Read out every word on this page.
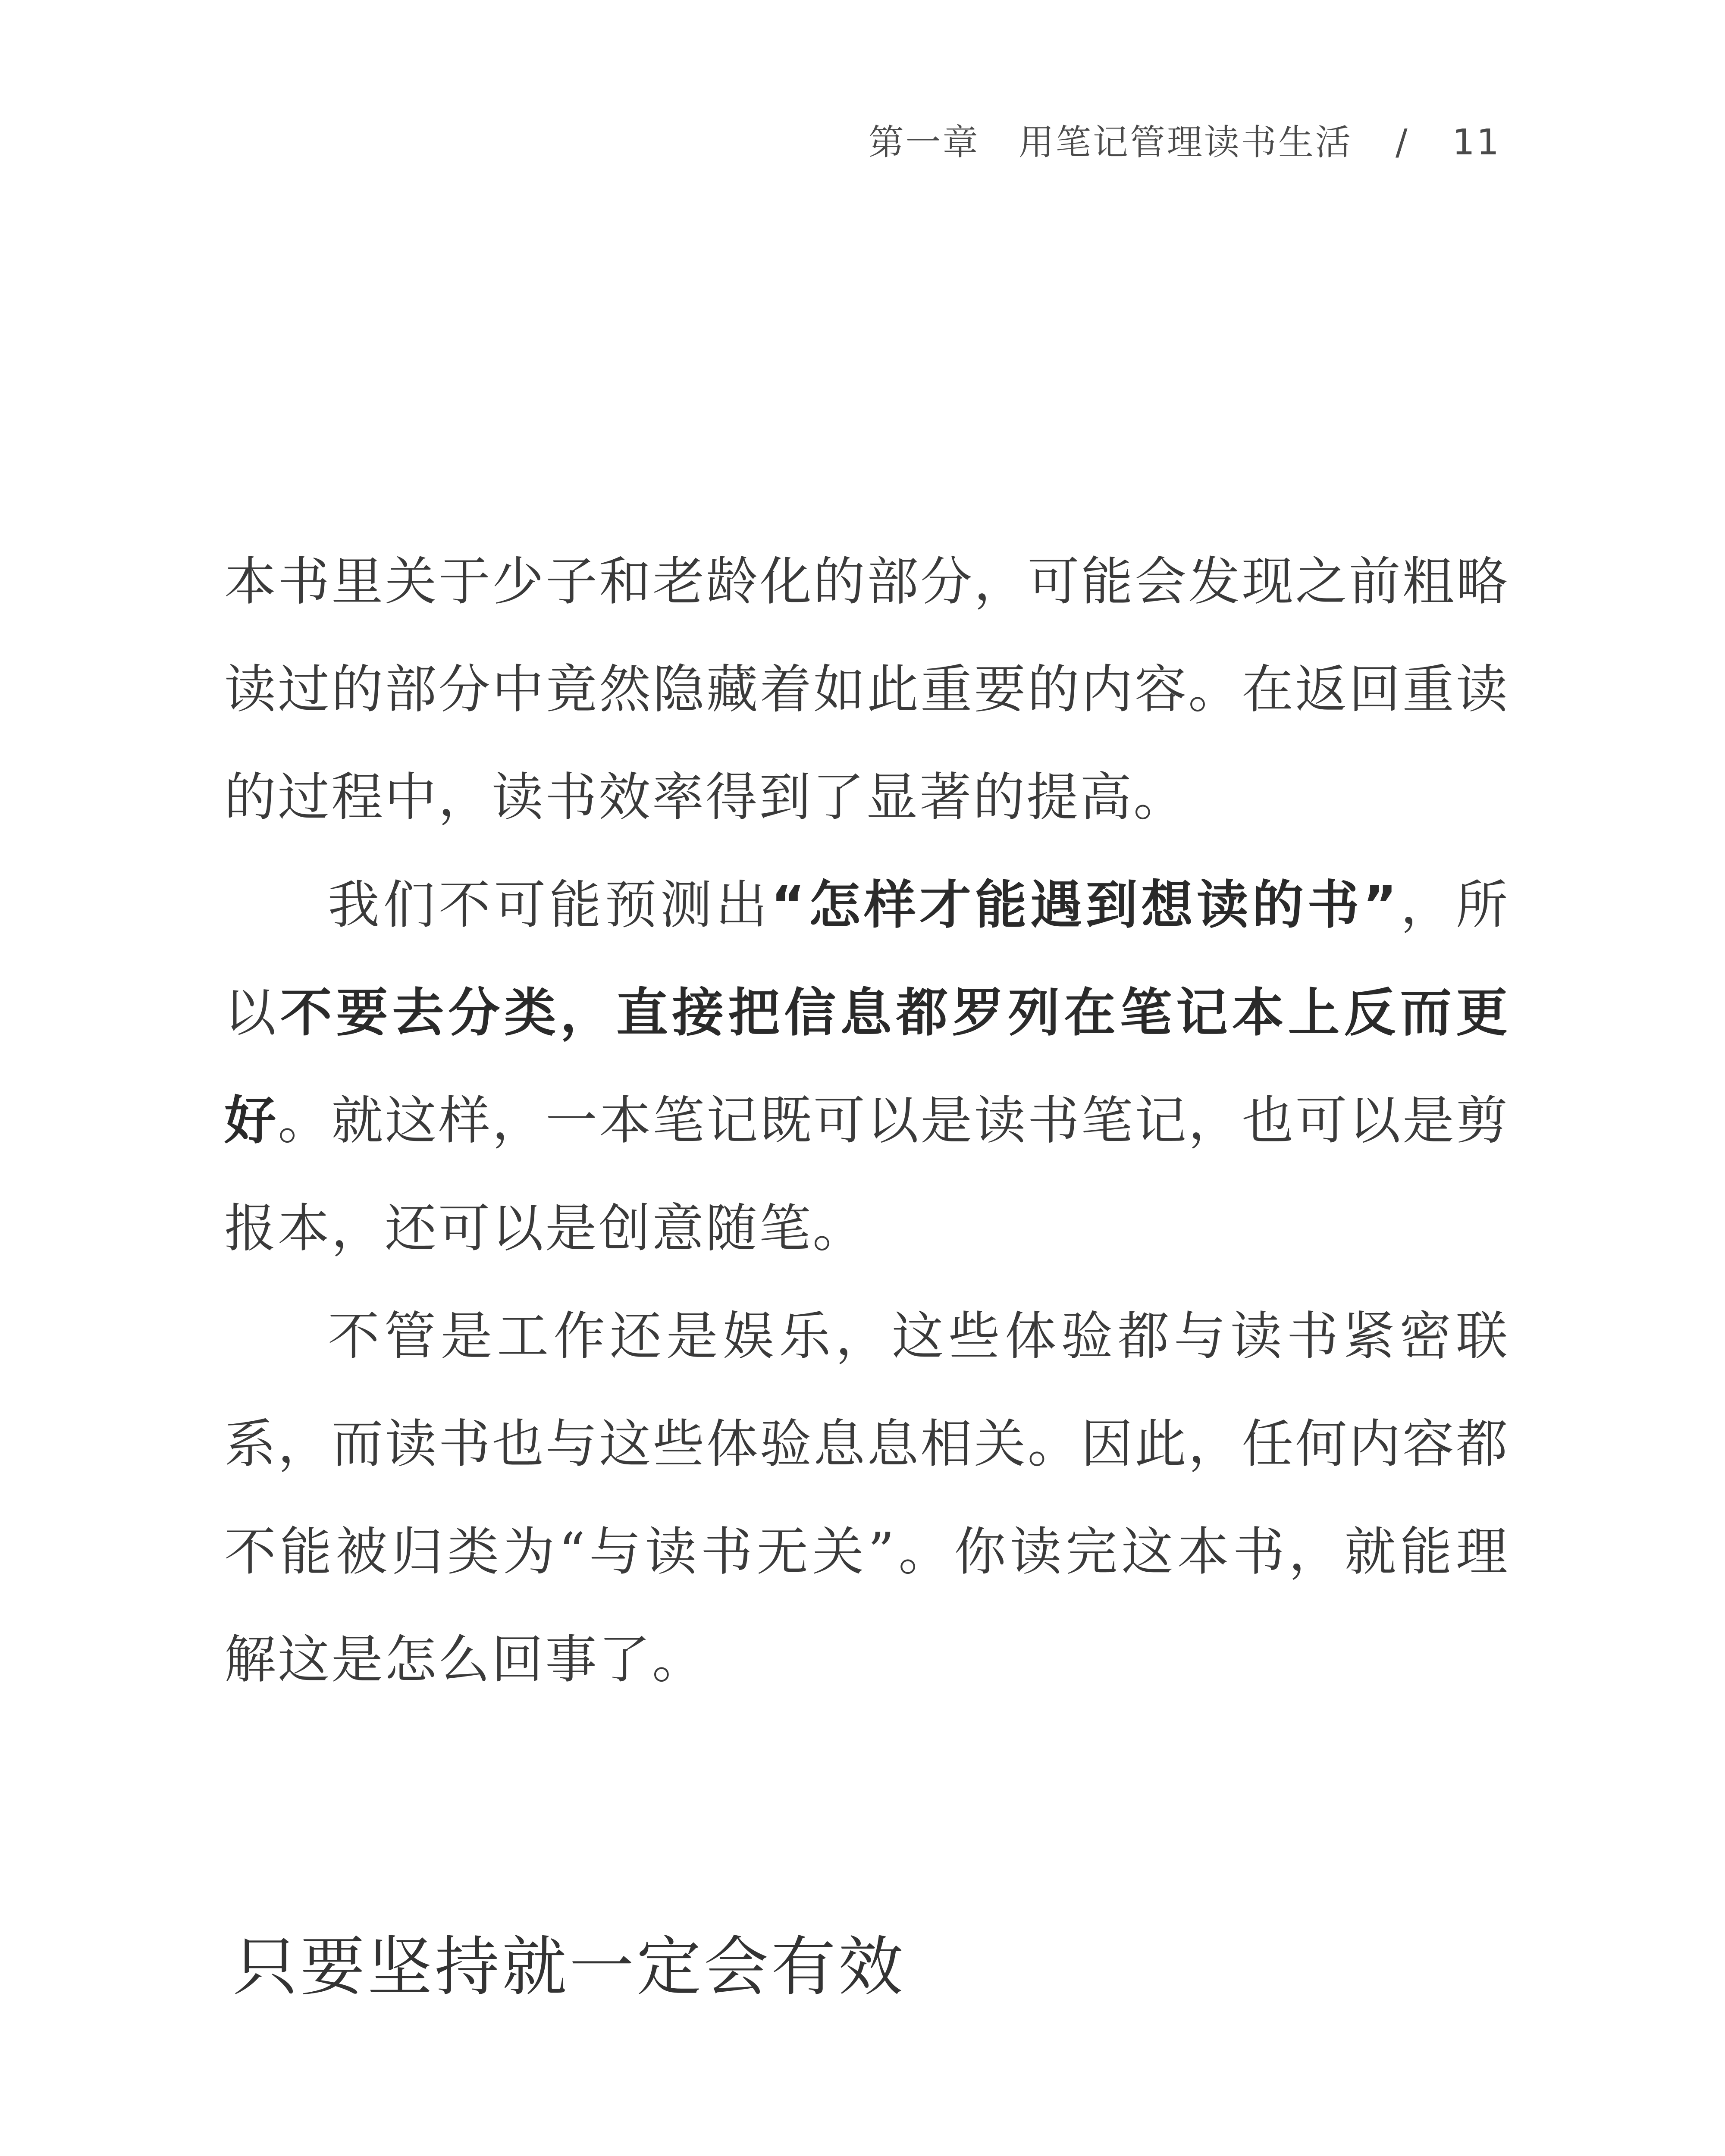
第一章 用笔记管理读书生活 / 11

本书里关于少子和老龄化的部分，可能会发现之前粗略读过的部分中竟然隐藏着如此重要的内容。在返回重读的过程中，读书效率得到了显著的提高。

我们不可能预测出“怎样才能遇到想读的书”，所以不要去分类，直接把信息都罗列在笔记本上反而更好。就这样，一本笔记既可以是读书笔记，也可以是剪报本，还可以是创意随笔。

不管是工作还是娱乐，这些体验都与读书紧密联系，而读书也与这些体验息息相关。因此，任何内容都不能被归类为“与读书无关”。你读完这本书，就能理解这是怎么回事了。

只要坚持就一定会有效
